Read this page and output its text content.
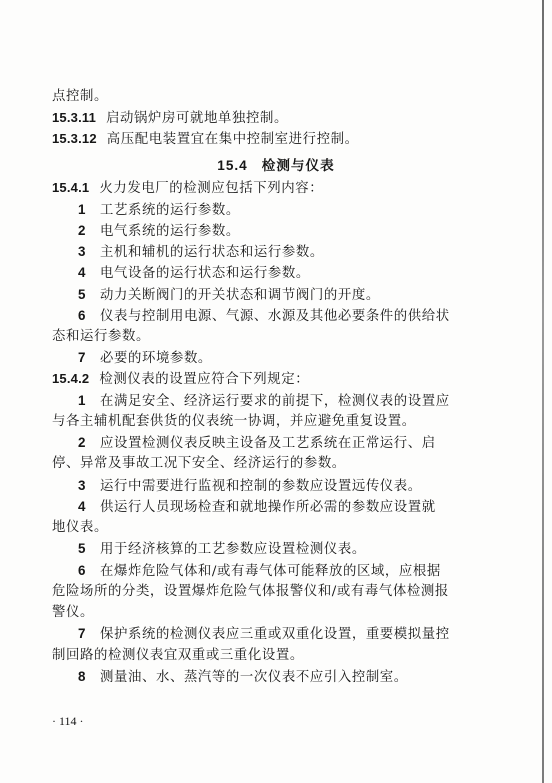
点控制。
15.3.11 启动锅炉房可就地单独控制。
15.3.12 高压配电装置宜在集中控制室进行控制。
15.4 检测与仪表
15.4.1 火力发电厂的检测应包括下列内容：
1 工艺系统的运行参数。
2 电气系统的运行参数。
3 主机和辅机的运行状态和运行参数。
4 电气设备的运行状态和运行参数。
5 动力关断阀门的开关状态和调节阀门的开度。
6 仪表与控制用电源、气源、水源及其他必要条件的供给状
态和运行参数。
7 必要的环境参数。
15.4.2 检测仪表的设置应符合下列规定：
1 在满足安全、经济运行要求的前提下，检测仪表的设置应
与各主辅机配套供货的仪表统一协调，并应避免重复设置。
2 应设置检测仪表反映主设备及工艺系统在正常运行、启
停、异常及事故工况下安全、经济运行的参数。
3 运行中需要进行监视和控制的参数应设置远传仪表。
4 供运行人员现场检查和就地操作所必需的参数应设置就
地仪表。
5 用于经济核算的工艺参数应设置检测仪表。
6 在爆炸危险气体和/或有毒气体可能释放的区域，应根据
危险场所的分类，设置爆炸危险气体报警仪和/或有毒气体检测报
警仪。
7 保护系统的检测仪表应三重或双重化设置，重要模拟量控
制回路的检测仪表宜双重或三重化设置。
· 114 ·
8 测量油、水、蒸汽等的一次仪表不应引入控制室。
